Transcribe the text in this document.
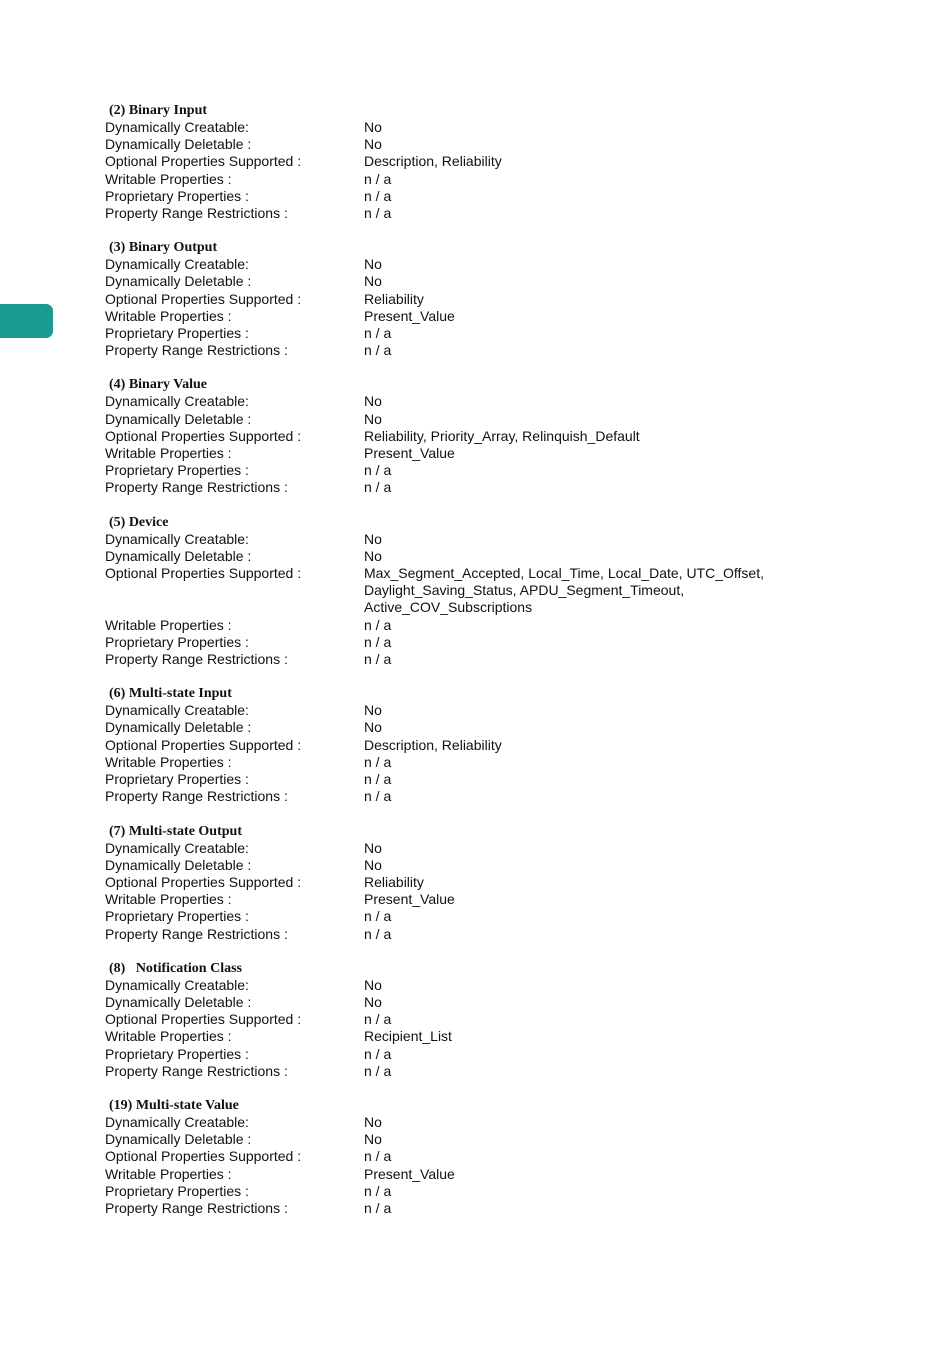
(2) Binary Input
Dynamically Creatable:	No
Dynamically Deletable :	No
Optional Properties Supported :	Description, Reliability
Writable Properties :	n / a
Proprietary Properties :	n / a
Property Range Restrictions :	n / a
(3) Binary Output
Dynamically Creatable:	No
Dynamically Deletable :	No
Optional Properties Supported :	Reliability
Writable Properties :	Present_Value
Proprietary Properties :	n / a
Property Range Restrictions :	n / a
(4) Binary Value
Dynamically Creatable:	No
Dynamically Deletable :	No
Optional Properties Supported :	Reliability, Priority_Array, Relinquish_Default
Writable Properties :	Present_Value
Proprietary Properties :	n / a
Property Range Restrictions :	n / a
(5) Device
Dynamically Creatable:	No
Dynamically Deletable :	No
Optional Properties Supported :	Max_Segment_Accepted, Local_Time, Local_Date, UTC_Offset,
Daylight_Saving_Status, APDU_Segment_Timeout,
Active_COV_Subscriptions
Writable Properties :	n / a
Proprietary Properties :	n / a
Property Range Restrictions :	n / a
(6) Multi-state Input
Dynamically Creatable:	No
Dynamically Deletable :	No
Optional Properties Supported :	Description, Reliability
Writable Properties :	n / a
Proprietary Properties :	n / a
Property Range Restrictions :	n / a
(7) Multi-state Output
Dynamically Creatable:	No
Dynamically Deletable :	No
Optional Properties Supported :	Reliability
Writable Properties :	Present_Value
Proprietary Properties :	n / a
Property Range Restrictions :	n / a
(8)   Notification Class
Dynamically Creatable:	No
Dynamically Deletable :	No
Optional Properties Supported :	n / a
Writable Properties :	Recipient_List
Proprietary Properties :	n / a
Property Range Restrictions :	n / a
(19) Multi-state Value
Dynamically Creatable:	No
Dynamically Deletable :	No
Optional Properties Supported :	n / a
Writable Properties :	Present_Value
Proprietary Properties :	n / a
Property Range Restrictions :	n / a
